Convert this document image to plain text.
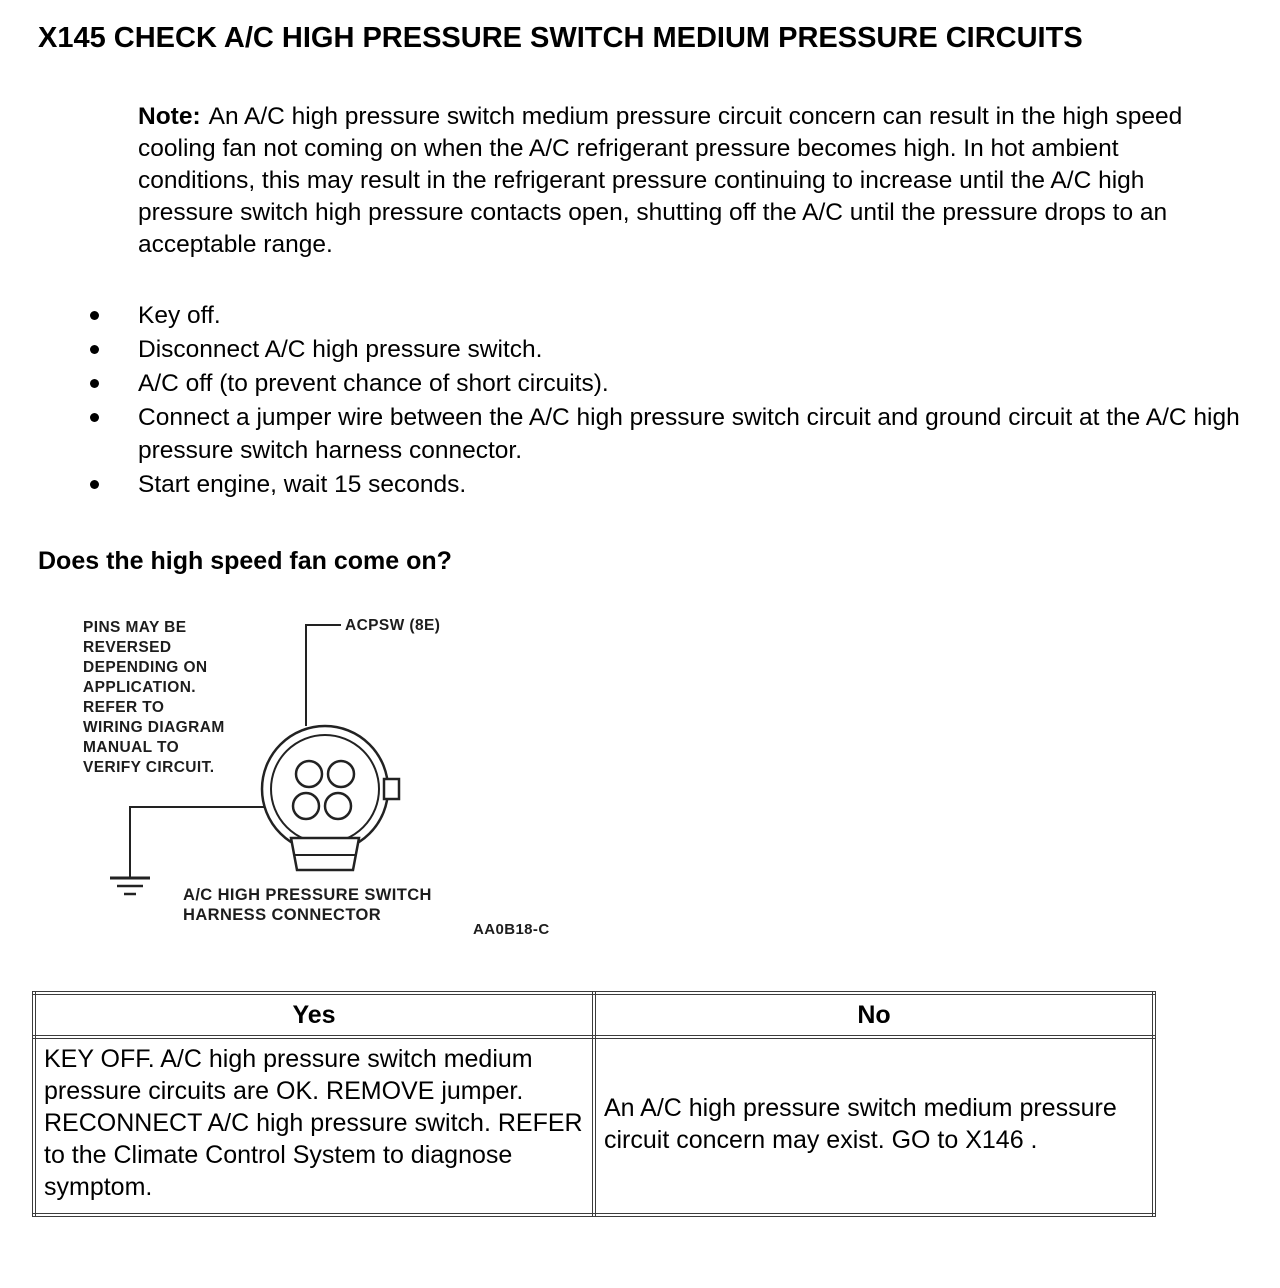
X145 CHECK A/C HIGH PRESSURE SWITCH MEDIUM PRESSURE CIRCUITS

Note: An A/C high pressure switch medium pressure circuit concern can result in the high speed cooling fan not coming on when the A/C refrigerant pressure becomes high. In hot ambient conditions, this may result in the refrigerant pressure continuing to increase until the A/C high pressure switch high pressure contacts open, shutting off the A/C until the pressure drops to an acceptable range.

Key off.
Disconnect A/C high pressure switch.
A/C off (to prevent chance of short circuits).
Connect a jumper wire between the A/C high pressure switch circuit and ground circuit at the A/C high pressure switch harness connector.
Start engine, wait 15 seconds.
Does the high speed fan come on?
PINS MAY BE
REVERSED
DEPENDING ON
APPLICATION.
REFER TO
WIRING DIAGRAM
MANUAL TO
VERIFY CIRCUIT.
ACPSW (8E)
A/C HIGH PRESSURE SWITCH
HARNESS CONNECTOR
AA0B18-C
Yes	No
KEY OFF. A/C high pressure switch medium pressure circuits are OK. REMOVE jumper. RECONNECT A/C high pressure switch. REFER to the Climate Control System to diagnose symptom.	An A/C high pressure switch medium pressure circuit concern may exist. GO to X146 .
